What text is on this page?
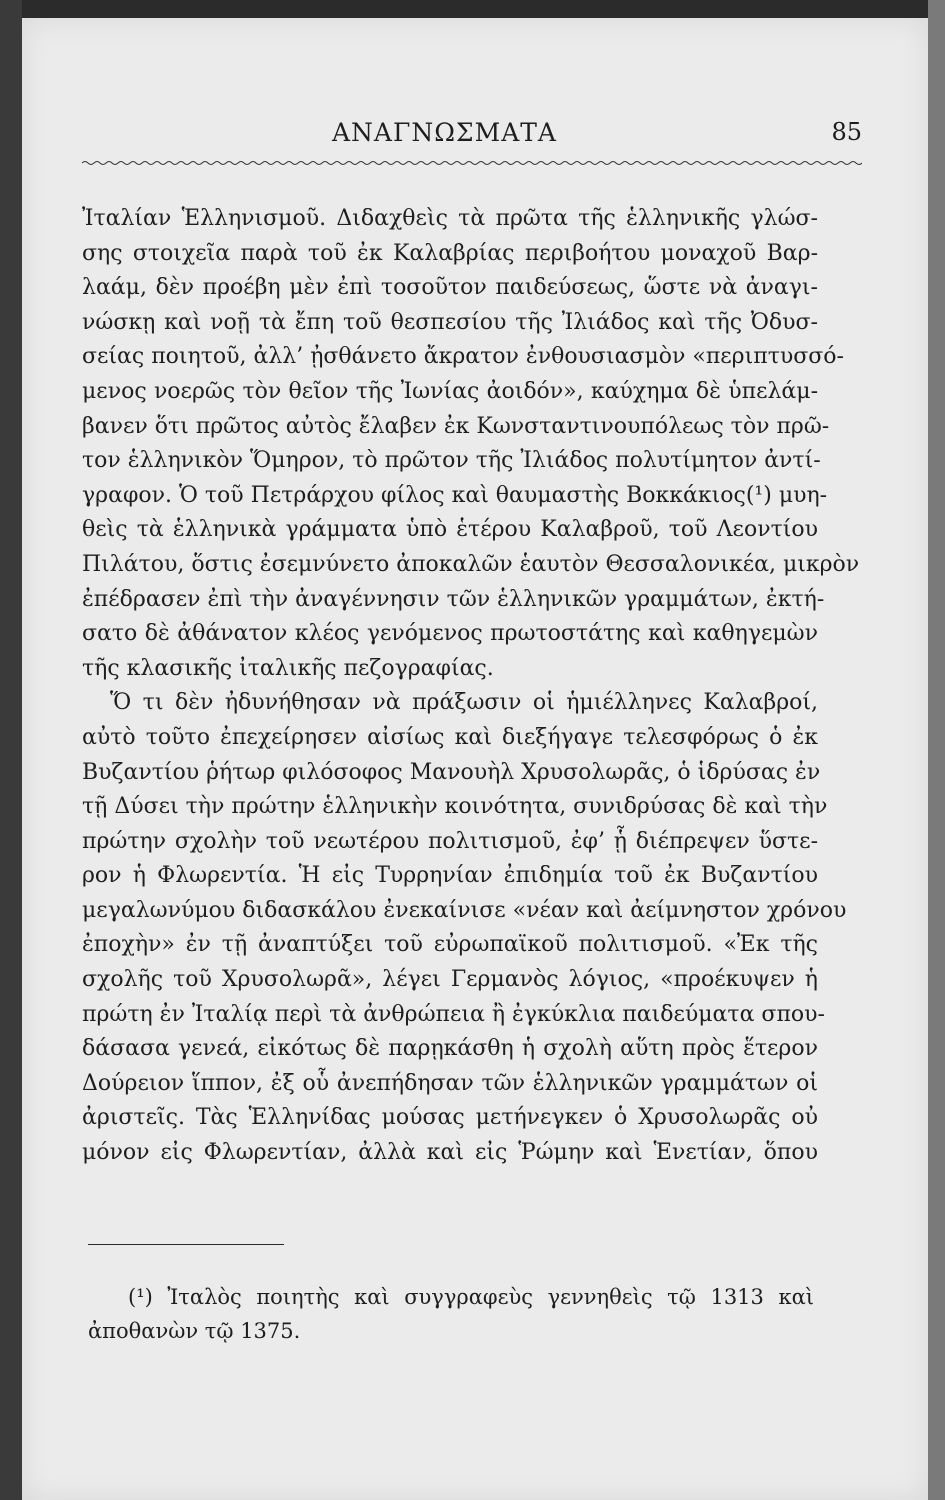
ΑΝΑΓΝΩΣΜΑΤΑ	85
Ἰταλίαν Ἑλληνισμοῦ. Διδαχθεὶς τὰ πρῶτα τῆς ἑλληνικῆς γλώσ-
σης στοιχεῖα παρὰ τοῦ ἐκ Καλαβρίας περιβοήτου μοναχοῦ Βαρ-
λαάμ, δὲν προέβη μὲν ἐπὶ τοσοῦτον παιδεύσεως, ὥστε νὰ ἀναγι-
νώσκῃ καὶ νοῇ τὰ ἔπη τοῦ θεσπεσίου τῆς Ἰλιάδος καὶ τῆς Ὀδυσ-
σείας ποιητοῦ, ἀλλ’ ᾐσθάνετο ἄκρατον ἐνθουσιασμὸν «περιπτυσσό-
μενος νοερῶς τὸν θεῖον τῆς Ἰωνίας ἀοιδόν», καύχημα δὲ ὑπελάμ-
βανεν ὅτι πρῶτος αὐτὸς ἔλαβεν ἐκ Κωνσταντινουπόλεως τὸν πρῶ-
τον ἑλληνικὸν Ὅμηρον, τὸ πρῶτον τῆς Ἰλιάδος πολυτίμητον ἀντί-
γραφον. Ὁ τοῦ Πετράρχου φίλος καὶ θαυμαστὴς Βοκκάκιος(¹) μυη-
θεὶς τὰ ἑλληνικὰ γράμματα ὑπὸ ἑτέρου Καλαβροῦ, τοῦ Λεοντίου
Πιλάτου, ὅστις ἐσεμνύνετο ἀποκαλῶν ἑαυτὸν Θεσσαλονικέα, μικρὸν
ἐπέδρασεν ἐπὶ τὴν ἀναγέννησιν τῶν ἑλληνικῶν γραμμάτων, ἐκτή-
σατο δὲ ἀθάνατον κλέος γενόμενος πρωτοστάτης καὶ καθηγεμὼν
τῆς κλασικῆς ἰταλικῆς πεζογραφίας.
Ὅ τι δὲν ἠδυνήθησαν νὰ πράξωσιν οἱ ἡμιέλληνες Καλαβροί,
αὐτὸ τοῦτο ἐπεχείρησεν αἰσίως καὶ διεξήγαγε τελεσφόρως ὁ ἐκ
Βυζαντίου ῥήτωρ φιλόσοφος Μανουὴλ Χρυσολωρᾶς, ὁ ἱδρύσας ἐν
τῇ Δύσει τὴν πρώτην ἑλληνικὴν κοινότητα, συνιδρύσας δὲ καὶ τὴν
πρώτην σχολὴν τοῦ νεωτέρου πολιτισμοῦ, ἐφ’ ᾗ διέπρεψεν ὕστε-
ρον ἡ Φλωρεντία. Ἡ εἰς Τυρρηνίαν ἐπιδημία τοῦ ἐκ Βυζαντίου
μεγαλωνύμου διδασκάλου ἐνεκαίνισε «νέαν καὶ ἀείμνηστον χρόνου
ἐποχὴν» ἐν τῇ ἀναπτύξει τοῦ εὐρωπαϊκοῦ πολιτισμοῦ. «Ἐκ τῆς
σχολῆς τοῦ Χρυσολωρᾶ», λέγει Γερμανὸς λόγιος, «προέκυψεν ἡ
πρώτη ἐν Ἰταλίᾳ περὶ τὰ ἀνθρώπεια ἢ ἐγκύκλια παιδεύματα σπου-
δάσασα γενεά, εἰκότως δὲ παρῃκάσθη ἡ σχολὴ αὕτη πρὸς ἕτερον
Δούρειον ἵππον, ἐξ οὗ ἀνεπήδησαν τῶν ἑλληνικῶν γραμμάτων οἱ
ἀριστεῖς. Τὰς Ἑλληνίδας μούσας μετήνεγκεν ὁ Χρυσολωρᾶς οὐ
μόνον εἰς Φλωρεντίαν, ἀλλὰ καὶ εἰς Ῥώμην καὶ Ἑνετίαν, ὅπου
(¹) Ἰταλὸς ποιητὴς καὶ συγγραφεὺς γεννηθεὶς τῷ 1313 καὶ
ἀποθανὼν τῷ 1375.
